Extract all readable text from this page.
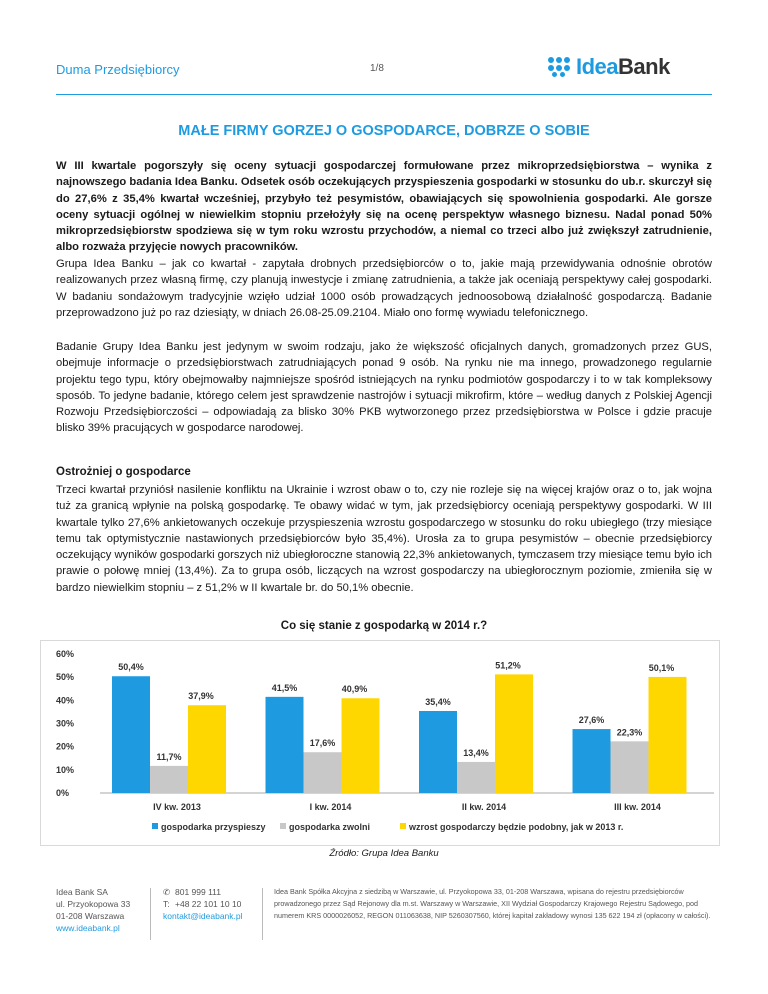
Duma Przedsiębiorcy	1/8	IdeaBank
MAŁE FIRMY GORZEJ O GOSPODARCE, DOBRZE O SOBIE

W III kwartale pogorszyły się oceny sytuacji gospodarczej formułowane przez mikroprzedsiębiorstwa – wynika z najnowszego badania Idea Banku. Odsetek osób oczekujących przyspieszenia gospodarki w stosunku do ub.r. skurczył się do 27,6% z 35,4% kwartał wcześniej, przybyło też pesymistów, obawiających się spowolnienia gospodarki. Ale gorsze oceny sytuacji ogólnej w niewielkim stopniu przełożyły się na ocenę perspektyw własnego biznesu. Nadal ponad 50% mikroprzedsiębiorstw spodziewa się w tym roku wzrostu przychodów, a niemal co trzeci albo już zwiększył zatrudnienie, albo rozważa przyjęcie nowych pracowników.

Grupa Idea Banku – jak co kwartał - zapytała drobnych przedsiębiorców o to, jakie mają przewidywania odnośnie obrotów realizowanych przez własną firmę, czy planują inwestycje i zmianę zatrudnienia, a także jak oceniają perspektywy całej gospodarki. W badaniu sondażowym tradycyjnie wzięło udział 1000 osób prowadzących jednoosobową działalność gospodarczą. Badanie przeprowadzono już po raz dziesiąty, w dniach 26.08-25.09.2104. Miało ono formę wywiadu telefonicznego.

Badanie Grupy Idea Banku jest jedynym w swoim rodzaju, jako że większość oficjalnych danych, gromadzonych przez GUS, obejmuje informacje o przedsiębiorstwach zatrudniających ponad 9 osób. Na rynku nie ma innego, prowadzonego regularnie projektu tego typu, który obejmowałby najmniejsze spośród istniejących na rynku podmiotów gospodarczy i to w tak kompleksowy sposób. To jedyne badanie, którego celem jest sprawdzenie nastrojów i sytuacji mikrofirm, które – według danych z Polskiej Agencji Rozwoju Przedsiębiorczości – odpowiadają za blisko 30% PKB wytworzonego przez przedsiębiorstwa w Polsce i gdzie pracuje blisko 39% pracujących w gospodarce narodowej.

Ostrożniej o gospodarce

Trzeci kwartał przyniósł nasilenie konfliktu na Ukrainie i wzrost obaw o to, czy nie rozleje się na więcej krajów oraz o to, jak wojna tuż za granicą wpłynie na polską gospodarkę. Te obawy widać w tym, jak przedsiębiorcy oceniają perspektywy gospodarki. W III kwartale tylko 27,6% ankietowanych oczekuje przyspieszenia wzrostu gospodarczego w stosunku do roku ubiegłego (trzy miesiące temu tak optymistycznie nastawionych przedsiębiorców było 35,4%). Urosła za to grupa pesymistów – obecnie przedsiębiorcy oczekujący wyników gospodarki gorszych niż ubiegłoroczne stanowią 22,3% ankietowanych, tymczasem trzy miesiące temu było ich prawie o połowę mniej (13,4%). Za to grupa osób, liczących na wzrost gospodarczy na ubiegłorocznym poziomie, zmieniła się w bardzo niewielkim stopniu – z 51,2% w II kwartale br. do 50,1% obecnie.

Co się stanie z gospodarką w 2014 r.?
0%
10%
20%
30%
40%
50%
60%
50,4%
11,7%
37,9%
IV kw. 2013
41,5%
17,6%
40,9%
I kw. 2014
35,4%
13,4%
51,2%
II kw. 2014
27,6%
22,3%
50,1%
III kw. 2014
gospodarka przyspieszy	gospodarka zwolni	wzrost gospodarczy będzie podobny, jak w 2013 r.
Źródło: Grupa Idea Banku
Idea Bank SA
ul. Przyokopowa 33
01-208 Warszawa
www.ideabank.pl
✆ 801 999 111
T: +48 22 101 10 10
kontakt@ideabank.pl
Idea Bank Spółka Akcyjna z siedzibą w Warszawie, ul. Przyokopowa 33, 01-208 Warszawa, wpisana do rejestru przedsiębiorców prowadzonego przez Sąd Rejonowy dla m.st. Warszawy w Warszawie, XII Wydział Gospodarczy Krajowego Rejestru Sądowego, pod numerem KRS 0000026052, REGON 011063638, NIP 5260307560, której kapitał zakładowy wynosi 135 622 194 zł (opłacony w całości).
